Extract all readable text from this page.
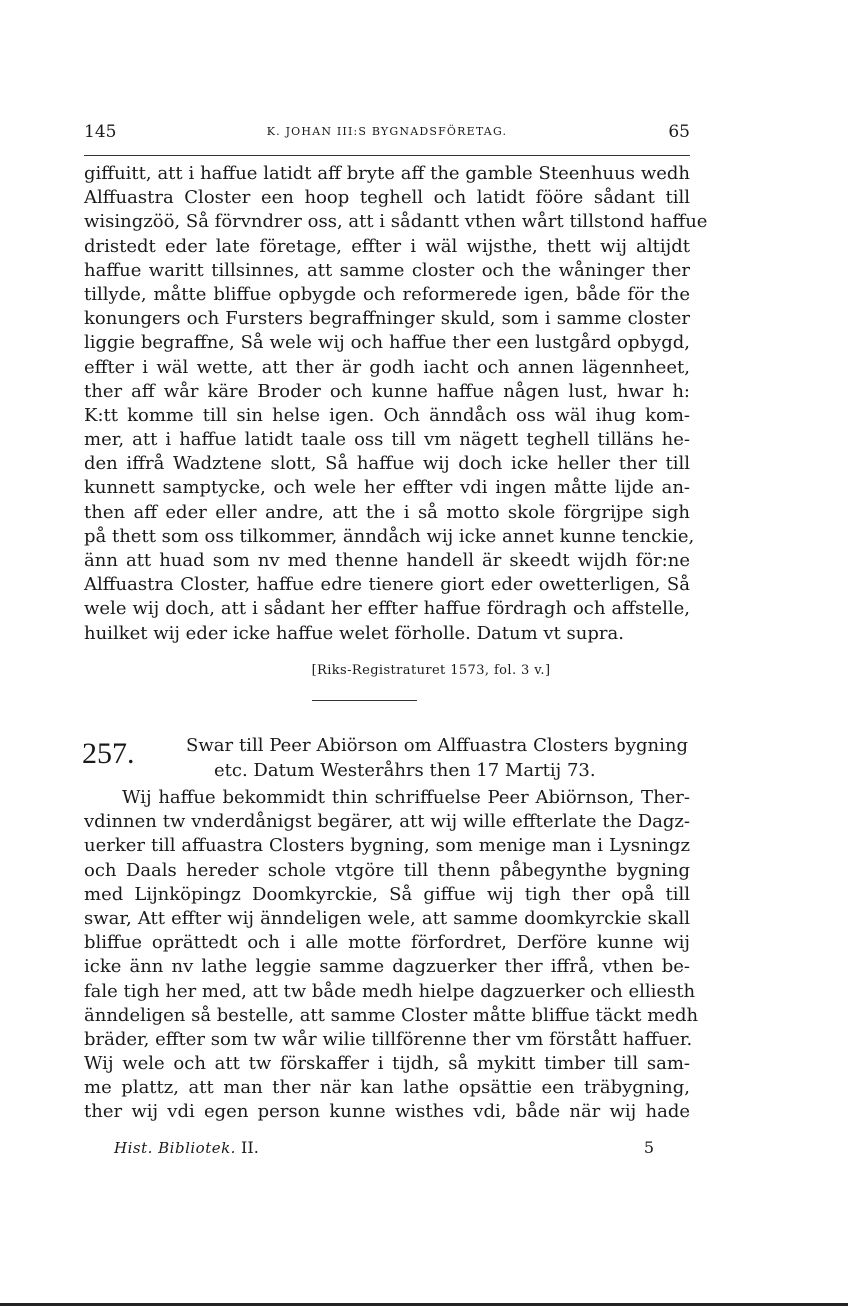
145	K. JOHAN III:S BYGNADSFÖRETAG.	65
giffuitt, att i haffue latidt aff bryte aff the gamble Steenhuus wedh
Alffuastra Closter een hoop teghell och latidt fööre sådant till
wisingzöö, Så förvndrer oss, att i sådantt vthen wårt tillstond haffue
dristedt eder late företage, effter i wäl wijsthe, thett wij altijdt
haffue waritt tillsinnes, att samme closter och the wåninger ther
tillyde, måtte bliffue opbygde och reformerede igen, både för the
konungers och Fursters begraffninger skuld, som i samme closter
liggie begraffne, Så wele wij och haffue ther een lustgård opbygd,
effter i wäl wette, att ther är godh iacht och annen lägennheet,
ther aff wår käre Broder och kunne haffue någen lust, hwar h:
K:tt komme till sin helse igen. Och änndåch oss wäl ihug kom-
mer, att i haffue latidt taale oss till vm nägett teghell tilläns he-
den iffrå Wadztene slott, Så haffue wij doch icke heller ther till
kunnett samptycke, och wele her effter vdi ingen måtte lijde an-
then aff eder eller andre, att the i så motto skole förgrijpe sigh
på thett som oss tilkommer, änndåch wij icke annet kunne tenckie,
änn att huad som nv med thenne handell är skeedt wijdh för:ne
Alffuastra Closter, haffue edre tienere giort eder owetterligen, Så
wele wij doch, att i sådant her effter haffue fördragh och affstelle,
huilket wij eder icke haffue welet förholle. Datum vt supra.
[Riks-Registraturet 1573, fol. 3 v.]
257.	Swar till Peer Abiörson om Alffuastra Closters bygning
etc. Datum Westeråhrs then 17 Martij 73.
Wij haffue bekommidt thin schriffuelse Peer Abiörnson, Ther-
vdinnen tw vnderdånigst begärer, att wij wille effterlate the Dagz-
uerker till affuastra Closters bygning, som menige man i Lysningz
och Daals hereder schole vtgöre till thenn påbegynthe bygning
med Lijnköpingz Doomkyrckie, Så giffue wij tigh ther opå till
swar, Att effter wij änndeligen wele, att samme doomkyrckie skall
bliffue oprättedt och i alle motte förfordret, Derföre kunne wij
icke änn nv lathe leggie samme dagzuerker ther iffrå, vthen be-
fale tigh her med, att tw både medh hielpe dagzuerker och elliesth
änndeligen så bestelle, att samme Closter måtte bliffue täckt medh
bräder, effter som tw wår wilie tillförenne ther vm förstått haffuer.
Wij wele och att tw förskaffer i tijdh, så mykitt timber till sam-
me plattz, att man ther när kan lathe opsättie een träbygning,
ther wij vdi egen person kunne wisthes vdi, både när wij hade
Hist. Bibliotek. II.	5
